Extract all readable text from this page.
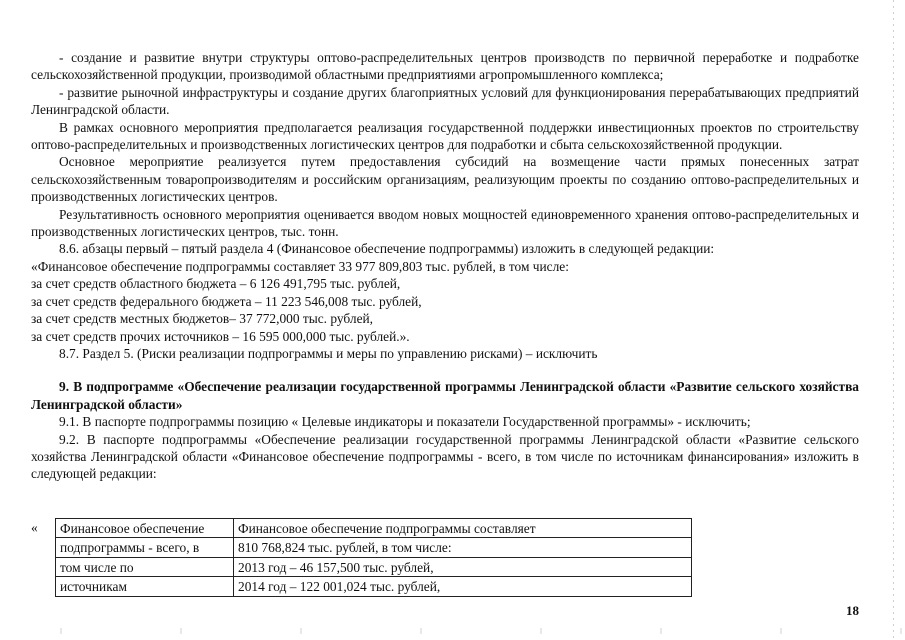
- создание и развитие внутри структуры оптово-распределительных центров производств по первичной переработке и подработке сельскохозяйственной продукции, производимой областными предприятиями агропромышленного комплекса;

- развитие рыночной инфраструктуры и создание других благоприятных условий для функционирования перерабатывающих предприятий Ленинградской области.

В рамках основного мероприятия предполагается реализация государственной поддержки инвестиционных проектов по строительству оптово-распределительных и производственных логистических центров для подработки и сбыта сельскохозяйственной продукции.

Основное мероприятие реализуется путем предоставления субсидий на возмещение части прямых понесенных затрат сельскохозяйственным товаропроизводителям и российским организациям, реализующим проекты по созданию оптово-распределительных и производственных логистических центров.

Результативность основного мероприятия оценивается вводом новых мощностей единовременного хранения оптово-распределительных и производственных логистических центров, тыс. тонн.

8.6. абзацы первый – пятый раздела 4 (Финансовое обеспечение подпрограммы) изложить в следующей редакции:

«Финансовое обеспечение подпрограммы составляет 33 977 809,803 тыс. рублей, в том числе:

за счет средств областного бюджета – 6 126 491,795 тыс. рублей,

за счет средств федерального бюджета – 11 223 546,008 тыс. рублей,

за счет средств местных бюджетов– 37 772,000 тыс. рублей,

за счет средств прочих источников – 16 595 000,000 тыс. рублей.».

8.7. Раздел 5. (Риски реализации подпрограммы и меры по управлению рисками) – исключить

9. В подпрограмме «Обеспечение реализации государственной программы Ленинградской области «Развитие сельского хозяйства Ленинградской области»

9.1. В паспорте подпрограммы позицию « Целевые индикаторы и показатели Государственной программы» - исключить;

9.2. В паспорте подпрограммы «Обеспечение реализации государственной программы Ленинградской области «Развитие сельского хозяйства Ленинградской области «Финансовое обеспечение подпрограммы - всего, в том числе по источникам финансирования» изложить в следующей редакции:

« Финансовое обеспечение	Финансовое обеспечение подпрограммы составляет
подпрограммы - всего, в	810 768,824 тыс. рублей, в том числе:
том числе по	2013 год – 46 157,500 тыс. рублей,
источникам	2014 год – 122 001,024 тыс. рублей,
18
